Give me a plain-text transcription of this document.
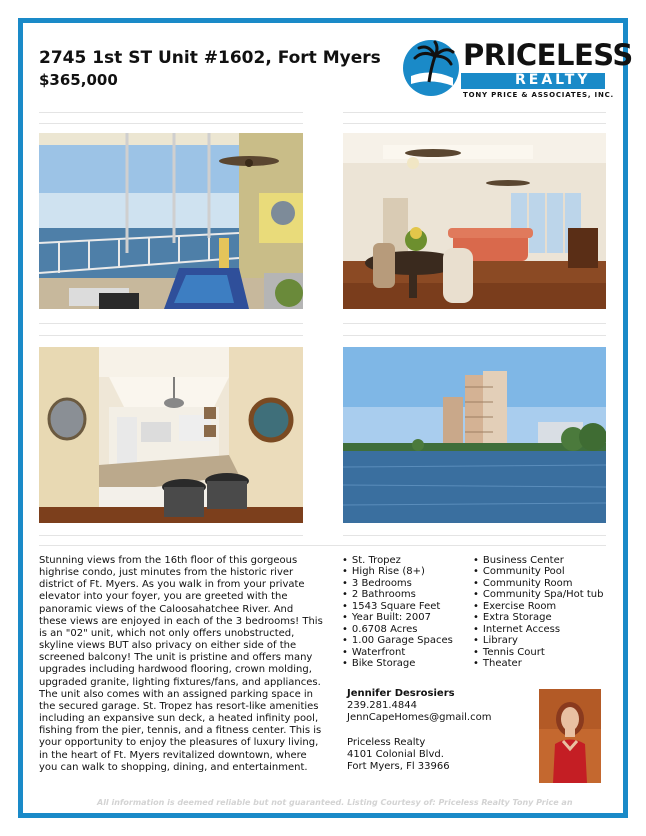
2745 1st ST Unit #1602, Fort Myers
$365,000
PRICELESS
REALTY
TONY PRICE & ASSOCIATES, INC.
Stunning views from the 16th floor of this gorgeous highrise condo, just minutes from the historic river district of Ft. Myers. As you walk in from your private elevator into your foyer, you are greeted with the panoramic views of the Caloosahatchee River. And these views are enjoyed in each of the 3 bedrooms! This is an "02" unit, which not only offers unobstructed, skyline views BUT also privacy on either side of the screened balcony! The unit is pristine and offers many upgrades including hardwood flooring, crown molding, upgraded granite, lighting fixtures/fans, and appliances. The unit also comes with an assigned parking space in the secured garage. St. Tropez has resort-like amenities including an expansive sun deck, a heated infinity pool, fishing from the pier, tennis, and a fitness center. This is your opportunity to enjoy the pleasures of luxury living, in the heart of Ft. Myers revitalized downtown, where you can walk to shopping, dining, and entertainment.
• St. Tropez
• High Rise (8+)
• 3 Bedrooms
• 2 Bathrooms
• 1543 Square Feet
• Year Built: 2007
• 0.6708 Acres
• 1.00 Garage Spaces
• Waterfront
• Bike Storage
• Business Center
• Community Pool
• Community Room
• Community Spa/Hot tub
• Exercise Room
• Extra Storage
• Internet Access
• Library
• Tennis Court
• Theater
Jennifer Desrosiers
239.281.4844
JennCapeHomes@gmail.com
Priceless Realty
4101 Colonial Blvd.
Fort Myers, Fl 33966
All information is deemed reliable but not guaranteed. Listing Courtesy of: Priceless Realty Tony Price an
